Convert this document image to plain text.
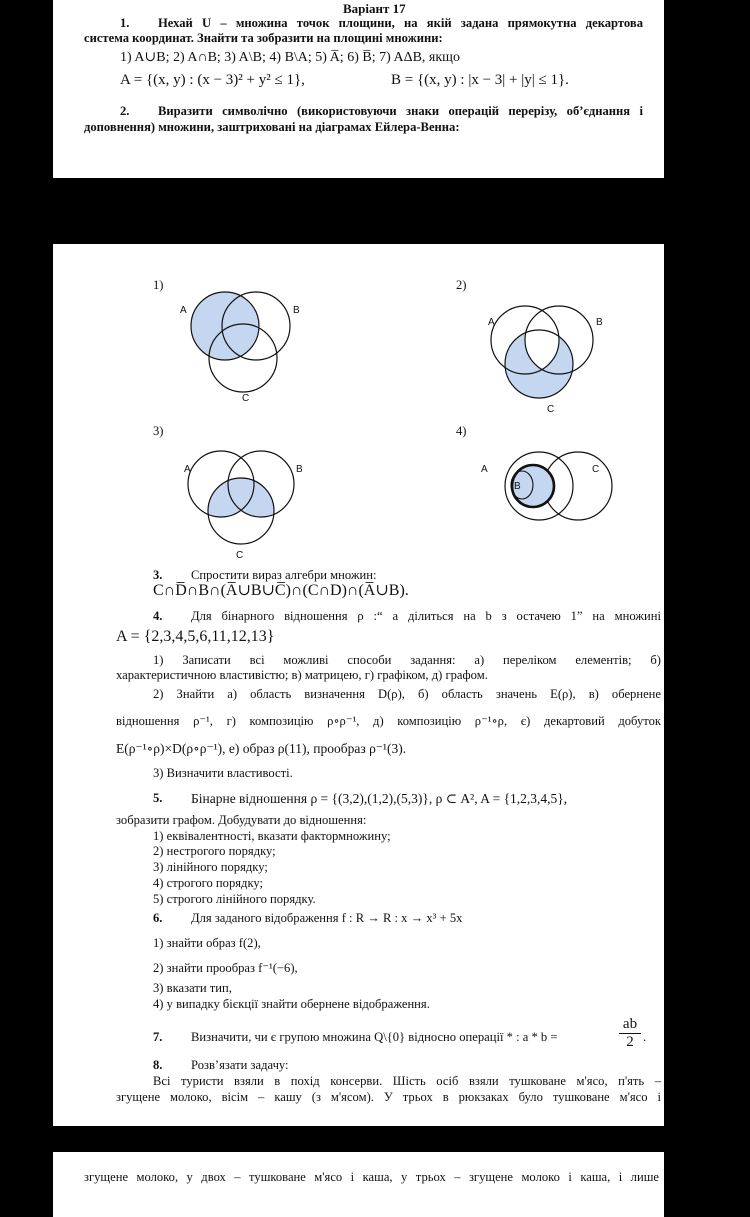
Варіант 17
1. Нехай U – множина точок площини, на якій задана прямокутна декартова
система координат. Знайти та зобразити на площині множини:
1) A∪B; 2) A∩B; 3) A\B; 4) B\A; 5) A̅; 6) B̅; 7) AΔB, якщо
A = {(x, y) : (x − 3)² + y² ≤ 1},	B = {(x, y) : |x − 3| + |y| ≤ 1}.
2. Виразити символічно (використовуючи знаки операцій перерізу, об’єднання і
доповнення) множини, заштриховані на діаграмах Ейлера-Венна:
1)
A	B
C
2)
A	B
C
3)
A	B
C
4)
A
B
C
3. Спростити вираз алгебри множин:
C∩D̅∩B∩(A̅∪B∪C̅)∩(C∩D)∩(A̅∪B).
4. Для бінарного відношення ρ :“ a ділиться на b з остачею 1” на множині
A = {2,3,4,5,6,11,12,13}
1) Записати всі можливі способи задання: а) переліком елементів; б)
характеристичною властивістю; в) матрицею, г) графіком, д) графом.
2) Знайти а) область визначення D(ρ), б) область значень E(ρ), в) обернене
відношення ρ⁻¹, г) композицію ρ∘ρ⁻¹, д) композицію ρ⁻¹∘ρ, є) декартовий добуток
E(ρ⁻¹∘ρ)×D(ρ∘ρ⁻¹), е) образ ρ(11), прообраз ρ⁻¹(3).
3) Визначити властивості.
5. Бінарне відношення ρ = {(3,2),(1,2),(5,3)}, ρ ⊂ A², A = {1,2,3,4,5},
зобразити графом. Добудувати до відношення:
1) еквівалентності, вказати фактормножину;
2) нестрогого порядку;
3) лінійного порядку;
4) строгого порядку;
5) строгого лінійного порядку.
6. Для заданого відображення f : R → R : x → x³ + 5x
1) знайти образ f(2),
2) знайти прообраз f⁻¹(−6),
3) вказати тип,
4) у випадку бієкції знайти обернене відображення.
7. Визначити, чи є групою множина Q\{0} відносно операції * : a * b =	$\frac{ab}{2}$ .
8. Розв’язати задачу:
Всі туристи взяли в похід консерви. Шість осіб взяли тушковане м'ясо, п'ять –
згущене молоко, вісім – кашу (з м'ясом). У трьох в рюкзаках було тушковане м'ясо і
згущене молоко, у двох – тушковане м'ясо і каша, у трьох – згущене молоко і каша, і лише
